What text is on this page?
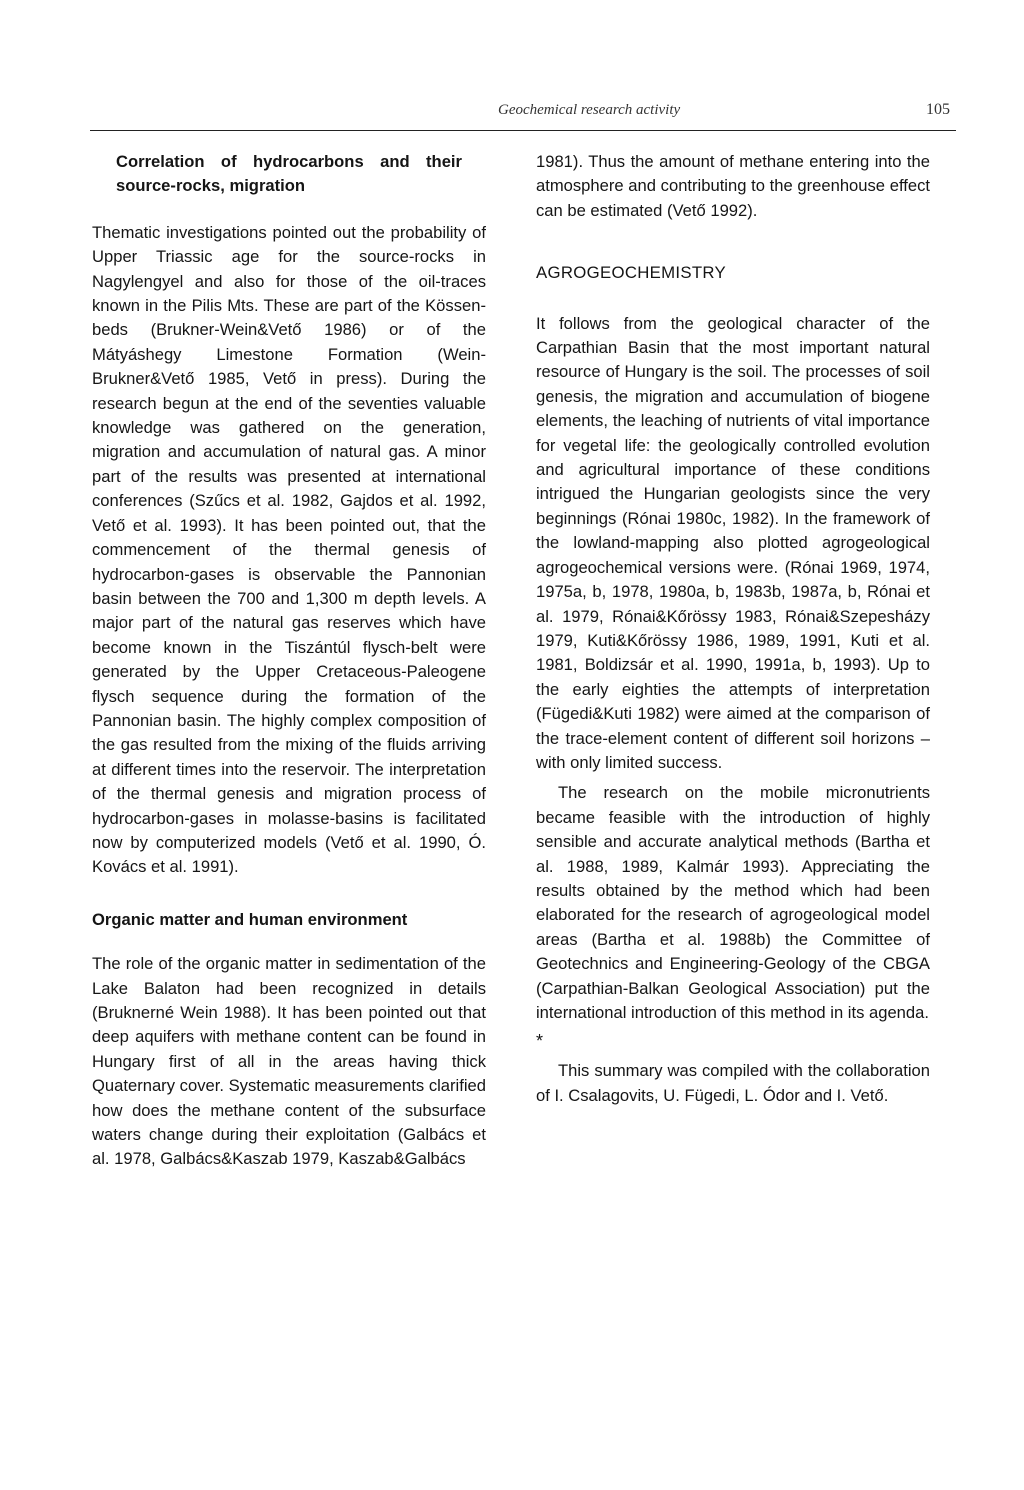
Geochemical research activity	105

Correlation of hydrocarbons and their source-rocks, migration

Thematic investigations pointed out the probability of Upper Triassic age for the source-rocks in Nagylengyel and also for those of the oil-traces known in the Pilis Mts. These are part of the Kössen-beds (Brukner-Wein&Vető 1986) or of the Mátyáshegy Limestone Formation (Wein-Brukner&Vető 1985, Vető in press). During the research begun at the end of the seventies valuable knowledge was gathered on the generation, migration and accumulation of natural gas. A minor part of the results was presented at international conferences (Szűcs et al. 1982, Gajdos et al. 1992, Vető et al. 1993). It has been pointed out, that the commencement of the thermal genesis of hydrocarbon-gases is observable the Pannonian basin between the 700 and 1,300 m depth levels. A major part of the natural gas reserves which have become known in the Tiszántúl flysch-belt were generated by the Upper Cretaceous-Paleogene flysch sequence during the formation of the Pannonian basin. The highly complex composition of the gas resulted from the mixing of the fluids arriving at different times into the reservoir. The interpretation of the thermal genesis and migration process of hydrocarbon-gases in molasse-basins is facilitated now by computerized models (Vető et al. 1990, Ó. Kovács et al. 1991).

Organic matter and human environment

The role of the organic matter in sedimentation of the Lake Balaton had been recognized in details (Bruknerné Wein 1988). It has been pointed out that deep aquifers with methane content can be found in Hungary first of all in the areas having thick Quaternary cover. Systematic measurements clarified how does the methane content of the subsurface waters change during their exploitation (Galbács et al. 1978, Galbács&Kaszab 1979, Kaszab&Galbács

1981). Thus the amount of methane entering into the atmosphere and contributing to the greenhouse effect can be estimated (Vető 1992).

AGROGEOCHEMISTRY

It follows from the geological character of the Carpathian Basin that the most important natural resource of Hungary is the soil. The processes of soil genesis, the migration and accumulation of biogene elements, the leaching of nutrients of vital importance for vegetal life: the geologically controlled evolution and agricultural importance of these conditions intrigued the Hungarian geologists since the very beginnings (Rónai 1980c, 1982). In the framework of the lowland-mapping also plotted agrogeological agrogeochemical versions were. (Rónai 1969, 1974, 1975a, b, 1978, 1980a, b, 1983b, 1987a, b, Rónai et al. 1979, Rónai&Kőrössy 1983, Rónai&Szepesházy 1979, Kuti&Kőrössy 1986, 1989, 1991, Kuti et al. 1981, Boldizsár et al. 1990, 1991a, b, 1993). Up to the early eighties the attempts of interpretation (Fügedi&Kuti 1982) were aimed at the comparison of the trace-element content of different soil horizons – with only limited success.

The research on the mobile micronutrients became feasible with the introduction of highly sensible and accurate analytical methods (Bartha et al. 1988, 1989, Kalmár 1993). Appreciating the results obtained by the method which had been elaborated for the research of agrogeological model areas (Bartha et al. 1988b) the Committee of Geotechnics and Engineering-Geology of the CBGA (Carpathian-Balkan Geological Association) put the international introduction of this method in its agenda.

*

This summary was compiled with the collaboration of I. Csalagovits, U. Fügedi, L. Ódor and I. Vető.
